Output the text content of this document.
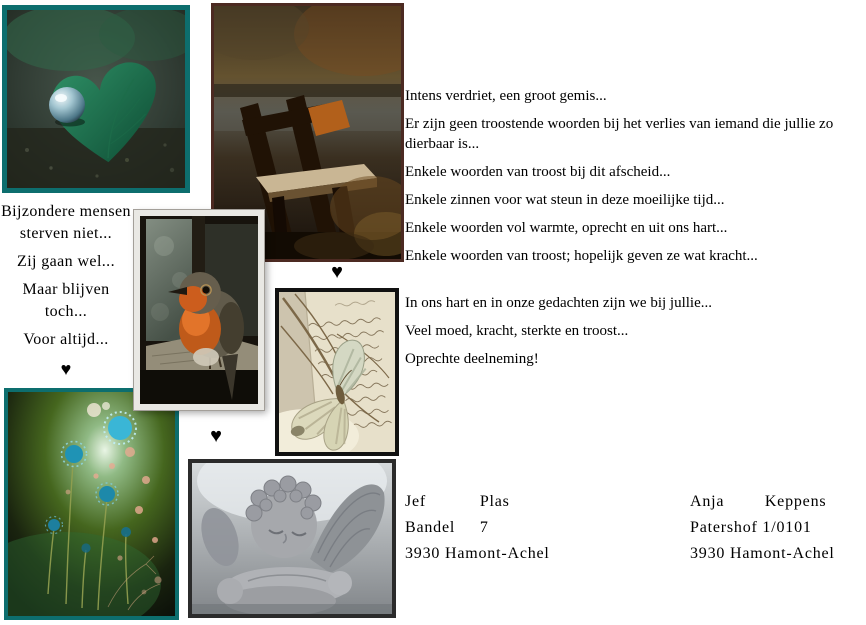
Bijzondere mensen
sterven niet...
Zij gaan wel...
Maar blijven
toch...
Voor altijd...
♥
♥
♥

Intens verdriet, een groot gemis...

Er zijn geen troostende woorden bij het verlies van iemand die jullie zo dierbaar is...

Enkele woorden van troost bij dit afscheid...

Enkele zinnen voor wat steun in deze moeilijke tijd...

Enkele woorden vol warmte, oprecht en uit ons hart...

Enkele woorden van troost; hopelijk geven ze wat kracht...

In ons hart en in onze gedachten zijn we bij jullie...

Veel moed, kracht, sterkte en troost...

Oprechte deelneming!

Jef	Plas
Bandel 7
3930 Hamont-Achel
Anja	Keppens
Patershof 1/0101
3930 Hamont-Achel
